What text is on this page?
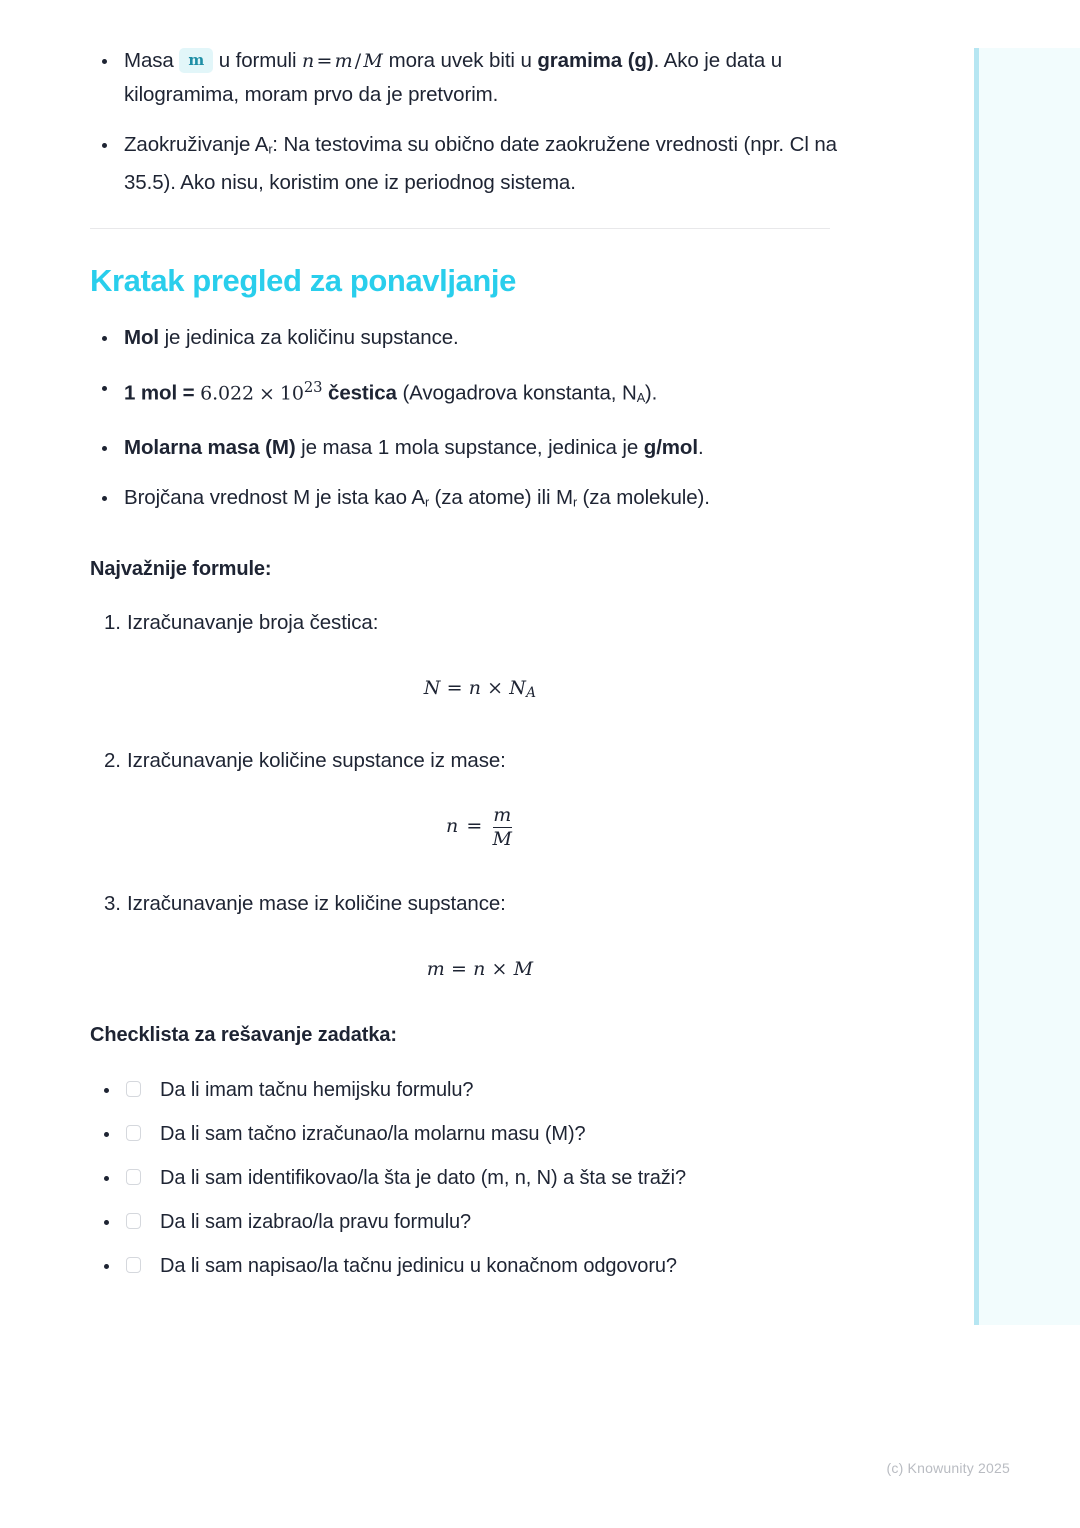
Masa m u formuli n = m / M mora uvek biti u gramima (g). Ako je data u kilogramima, moram prvo da je pretvorim.
Zaokruživanje Ar: Na testovima su obično date zaokružene vrednosti (npr. Cl na 35.5). Ako nisu, koristim one iz periodnog sistema.
Kratak pregled za ponavljanje
Mol je jedinica za količinu supstance.
1 mol = $6.022 \times 10^{23}$ čestica (Avogadrova konstanta, NA).
Molarna masa (M) je masa 1 mola supstance, jedinica je g/mol.
Brojčana vrednost M je ista kao Ar (za atome) ili Mr (za molekule).
Najvažnije formule:
1. Izračunavanje broja čestica:
$N = n \times N_A$
2. Izračunavanje količine supstance iz mase:
$n = \frac{m}{M}$
3. Izračunavanje mase iz količine supstance:
m = n × M
Checklista za rešavanje zadatka:
Da li imam tačnu hemijsku formulu?
Da li sam tačno izračunao/la molarnu masu (M)?
Da li sam identifikovao/la šta je dato (m, n, N) a šta se traži?
Da li sam izabrao/la pravu formulu?
Da li sam napisao/la tačnu jedinicu u konačnom odgovoru?
(c) Knowunity 2025
